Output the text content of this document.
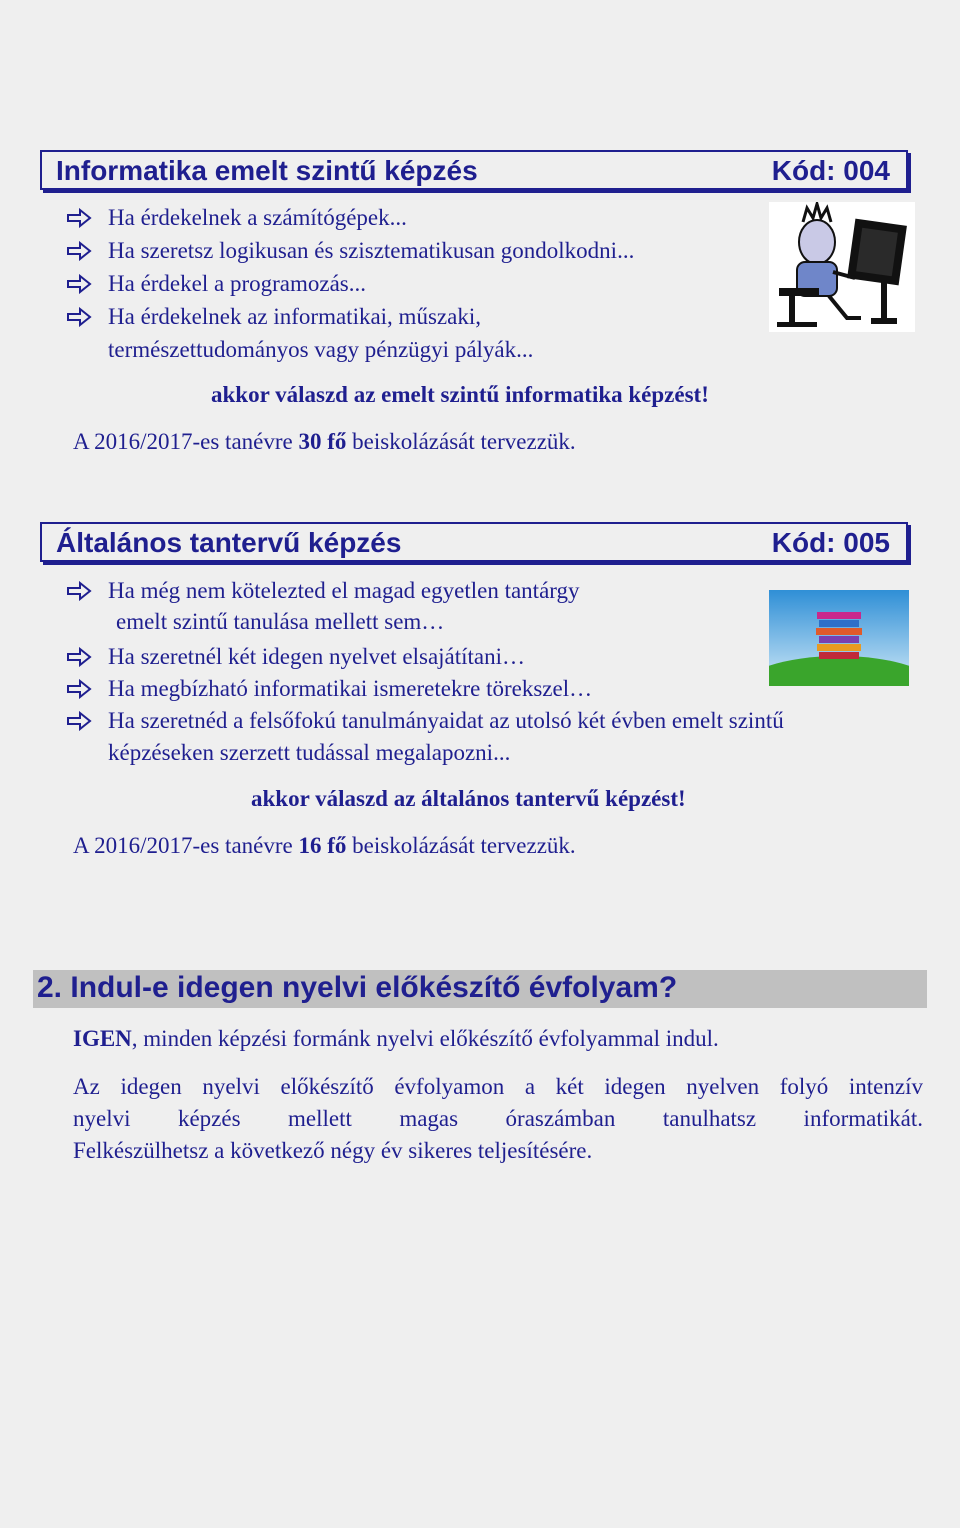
Informatika emelt szintű képzés	Kód: 004
Ha érdekelnek a számítógépek...
Ha szeretsz logikusan és szisztematikusan gondolkodni...
Ha érdekel a programozás...
Ha érdekelnek az informatikai, műszaki,
természettudományos vagy pénzügyi pályák...
akkor válaszd az emelt szintű informatika képzést!
A 2016/2017-es tanévre 30 fő beiskolázását tervezzük.
Általános tantervű képzés	Kód: 005
Ha még nem kötelezted el magad egyetlen tantárgy
emelt szintű tanulása mellett sem…
Ha szeretnél két idegen nyelvet elsajátítani…
Ha megbízható informatikai ismeretekre törekszel…
Ha szeretnéd a felsőfokú tanulmányaidat az utolsó két évben emelt szintű
képzéseken szerzett tudással megalapozni...
akkor válaszd az általános tantervű képzést!
A 2016/2017-es tanévre 16 fő beiskolázását tervezzük.
2. Indul-e idegen nyelvi előkészítő évfolyam?
IGEN, minden képzési formánk nyelvi előkészítő évfolyammal indul.
Az idegen nyelvi előkészítő évfolyamon a két idegen nyelven folyó intenzív
nyelvi képzés mellett magas óraszámban tanulhatsz informatikát.
Felkészülhetsz a következő négy év sikeres teljesítésére.
